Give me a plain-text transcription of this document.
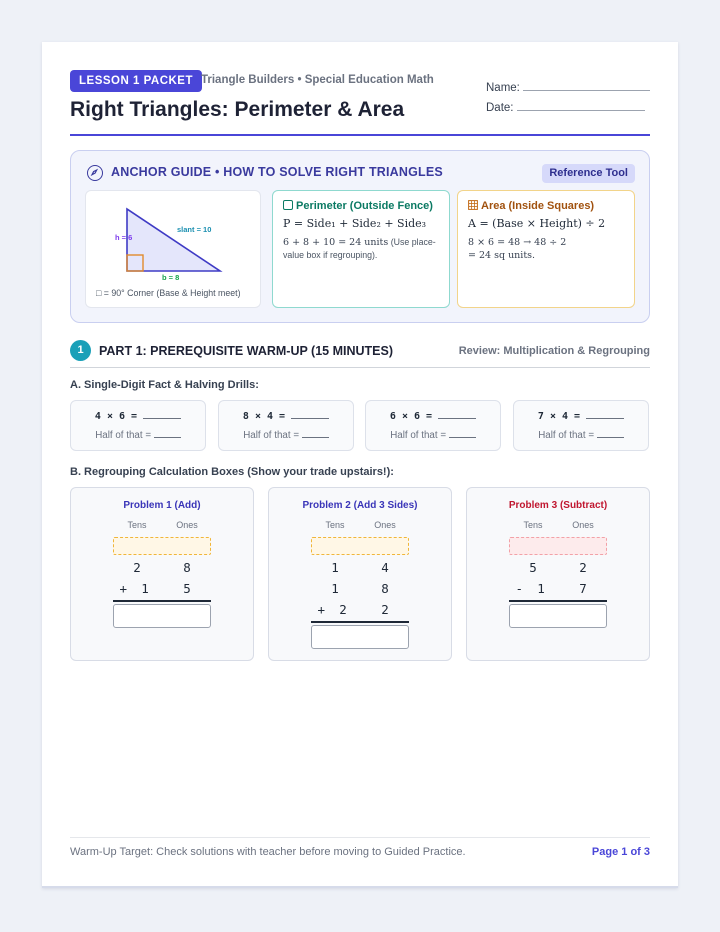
LESSON 1 PACKET Triangle Builders • Special Education Math
Right Triangles: Perimeter & Area
Name:
Date:
ANCHOR GUIDE • HOW TO SOLVE RIGHT TRIANGLES	Reference Tool
h = 6
slant = 10
b = 8
□ = 90° Corner (Base & Height meet)
Perimeter (Outside Fence)
P = Side₁ + Side₂ + Side₃
6 + 8 + 10 = 24 units (Use place-value box if regrouping).
Area (Inside Squares)
A = (Base × Height) ÷ 2
8 × 6 = 48 → 48 ÷ 2
= 24 sq units.
1	PART 1: PREREQUISITE WARM-UP (15 MINUTES)	Review: Multiplication & Regrouping
A. Single-Digit Fact & Halving Drills:
4 × 6 =
Half of that =
8 × 4 =
Half of that =
6 × 6 =
Half of that =
7 × 4 =
Half of that =
B. Regrouping Calculation Boxes (Show your trade upstairs!):
Problem 1 (Add)
Tens	Ones
2	8
+	1	5
Problem 2 (Add 3 Sides)
Tens	Ones
1	4
1	8
+	2	2
Problem 3 (Subtract)
Tens	Ones
5	2
-	1	7
Warm-Up Target: Check solutions with teacher before moving to Guided Practice.	Page 1 of 3
